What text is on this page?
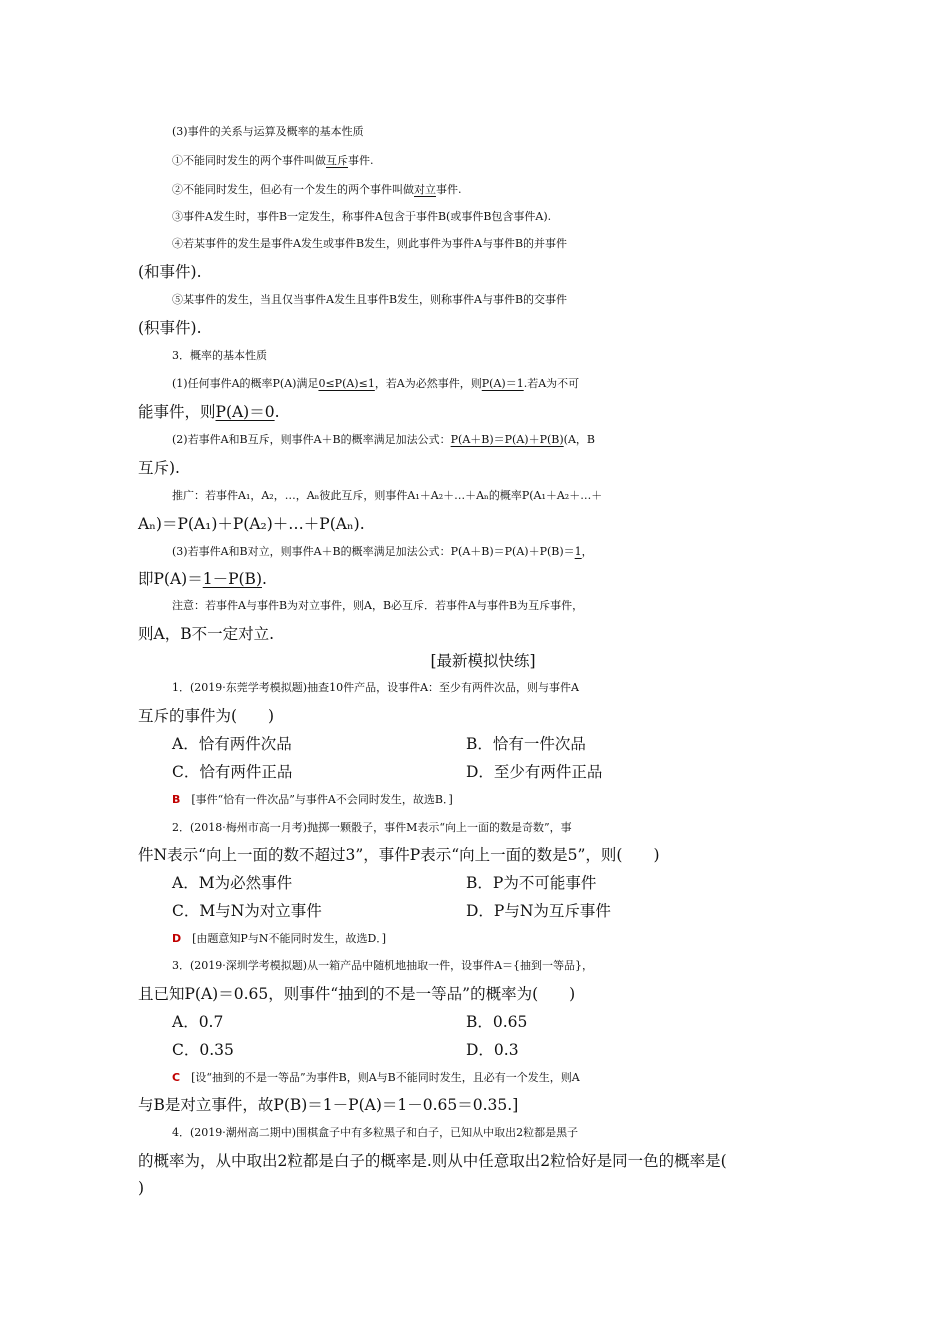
(3)事件的关系与运算及概率的基本性质
①不能同时发生的两个事件叫做互斥事件.
②不能同时发生，但必有一个发生的两个事件叫做对立事件.
③事件A发生时，事件B一定发生，称事件A包含于事件B(或事件B包含事件A).
④若某事件的发生是事件A发生或事件B发生，则此事件为事件A与事件B的并事件
(和事件).
⑤某事件的发生，当且仅当事件A发生且事件B发生，则称事件A与事件B的交事件
(积事件).
3．概率的基本性质
(1)任何事件A的概率P(A)满足0≤P(A)≤1，若A为必然事件，则P(A)＝1.若A为不可
能事件，则P(A)＝0.
(2)若事件A和B互斥，则事件A＋B的概率满足加法公式：P(A＋B)＝P(A)＋P(B)(A，B
互斥).
推广：若事件A₁，A₂，…，Aₙ彼此互斥，则事件A₁＋A₂＋…＋Aₙ的概率P(A₁＋A₂＋…＋
Aₙ)＝P(A₁)＋P(A₂)＋…＋P(Aₙ).
(3)若事件A和B对立，则事件A＋B的概率满足加法公式：P(A＋B)＝P(A)＋P(B)＝1，
即P(A)＝1－P(B).
注意：若事件A与事件B为对立事件，则A，B必互斥．若事件A与事件B为互斥事件，
则A，B不一定对立.
[最新模拟快练]
1．(2019·东莞学考模拟题)抽查10件产品，设事件A：至少有两件次品，则与事件A
互斥的事件为(　　)
A．恰有两件次品	B．恰有一件次品
C．恰有两件正品	D．至少有两件正品
B　 [事件“恰有一件次品”与事件A不会同时发生，故选B．]
2．(2018·梅州市高一月考)抛掷一颗骰子，事件M表示“向上一面的数是奇数”，事
件N表示“向上一面的数不超过3”，事件P表示“向上一面的数是5”，则(　　)
A．M为必然事件	B．P为不可能事件
C．M与N为对立事件	D．P与N为互斥事件
D　 [由题意知P与N不能同时发生，故选D．]
3．(2019·深圳学考模拟题)从一箱产品中随机地抽取一件，设事件A＝{抽到一等品}，
且已知P(A)＝0.65，则事件“抽到的不是一等品”的概率为(　　)
A．0.7	B．0.65
C．0.35	D．0.3
C　 [设“抽到的不是一等品”为事件B，则A与B不能同时发生，且必有一个发生，则A
与B是对立事件，故P(B)＝1－P(A)＝1－0.65＝0.35.]
4．(2019·潮州高二期中)围棋盒子中有多粒黑子和白子，已知从中取出2粒都是黑子
的概率为，从中取出2粒都是白子的概率是.则从中任意取出2粒恰好是同一色的概率是(
)
